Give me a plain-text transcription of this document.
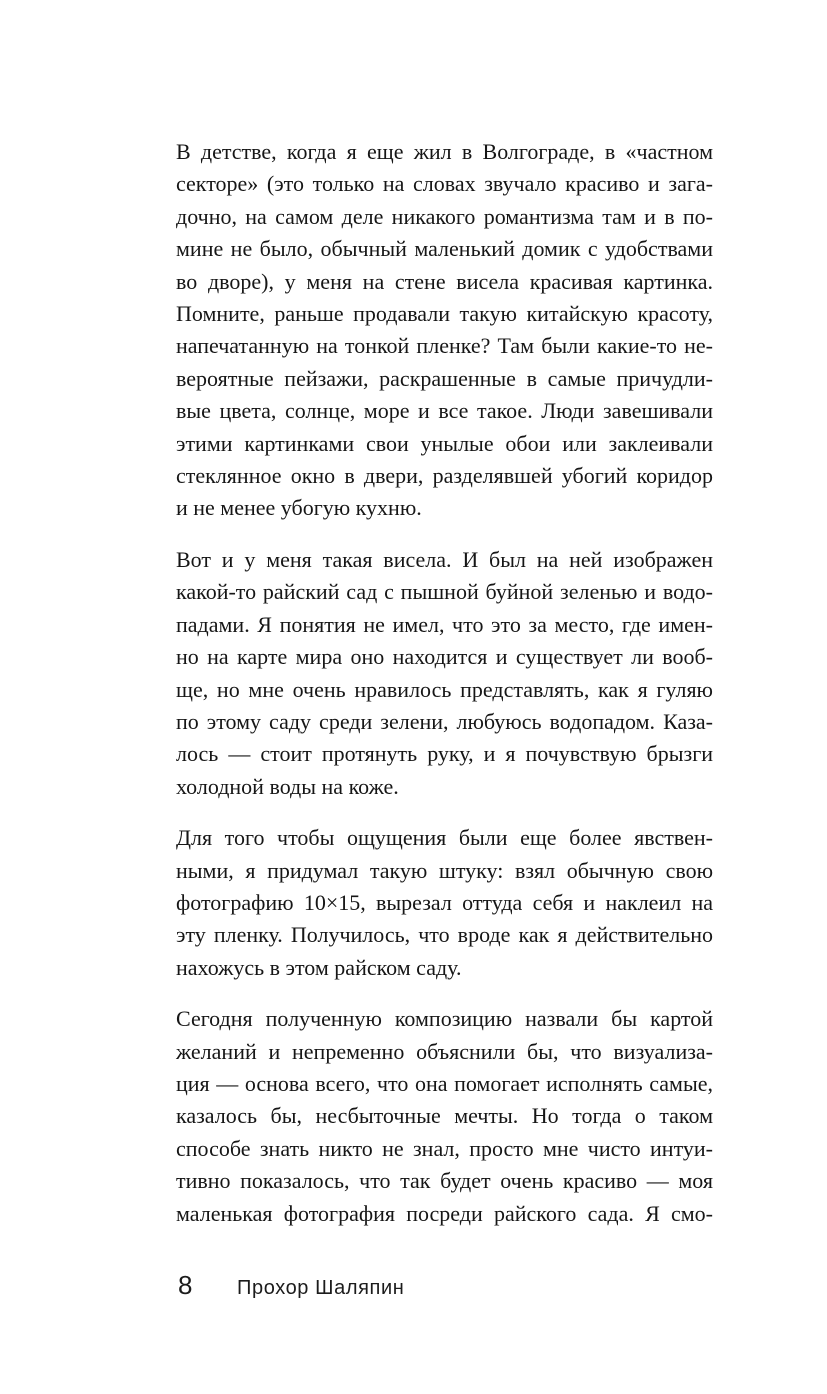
В детстве, когда я еще жил в Волгограде, в «частном
секторе» (это только на словах звучало красиво и зага-
дочно, на самом деле никакого романтизма там и в по-
мине не было, обычный маленький домик с удобствами
во дворе), у меня на стене висела красивая картинка.
Помните, раньше продавали такую китайскую красоту,
напечатанную на тонкой пленке? Там были какие-то не-
вероятные пейзажи, раскрашенные в самые причудли-
вые цвета, солнце, море и все такое. Люди завешивали
этими картинками свои унылые обои или заклеивали
стеклянное окно в двери, разделявшей убогий коридор
и не менее убогую кухню.
Вот и у меня такая висела. И был на ней изображен
какой-то райский сад с пышной буйной зеленью и водо-
падами. Я понятия не имел, что это за место, где имен-
но на карте мира оно находится и существует ли вооб-
ще, но мне очень нравилось представлять, как я гуляю
по этому саду среди зелени, любуюсь водопадом. Каза-
лось — стоит протянуть руку, и я почувствую брызги
холодной воды на коже.
Для того чтобы ощущения были еще более явствен-
ными, я придумал такую штуку: взял обычную свою
фотографию 10×15, вырезал оттуда себя и наклеил на
эту пленку. Получилось, что вроде как я действительно
нахожусь в этом райском саду.
Сегодня полученную композицию назвали бы картой
желаний и непременно объяснили бы, что визуализа-
ция — основа всего, что она помогает исполнять самые,
казалось бы, несбыточные мечты. Но тогда о таком
способе знать никто не знал, просто мне чисто интуи-
тивно показалось, что так будет очень красиво — моя
маленькая фотография посреди райского сада. Я смо-
8	Прохор Шаляпин
